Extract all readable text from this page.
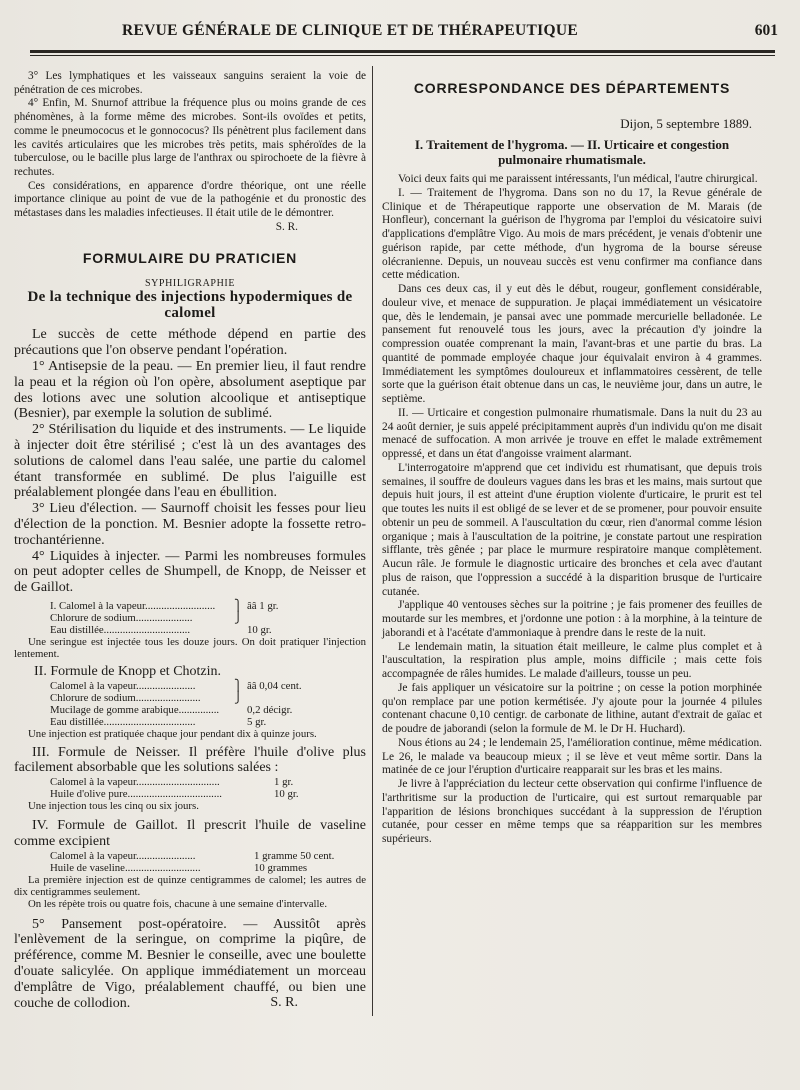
REVUE GÉNÉRALE DE CLINIQUE ET DE THÉRAPEUTIQUE	601

3° Les lymphatiques et les vaisseaux sanguins seraient la voie de pénétration de ces microbes.

4° Enfin, M. Snurnof attribue la fréquence plus ou moins grande de ces phénomènes, à la forme même des microbes. Sont-ils ovoïdes et petits, comme le pneumococus et le gonnococus? Ils pénètrent plus facilement dans les cavités articulaires que les microbes très petits, mais sphéroïdes de la tuberculose, ou le bacille plus large de l'anthrax ou spirochoete de la fièvre à rechutes.

Ces considérations, en apparence d'ordre théorique, ont une réelle importance clinique au point de vue de la pathogénie et du pronostic des métastases dans les maladies infectieuses. Il était utile de le démontrer.

S. R.

FORMULAIRE DU PRATICIEN

SYPHILIGRAPHIE

De la technique des injections hypodermiques de calomel

Le succès de cette méthode dépend en partie des précautions que l'on observe pendant l'opération.

1° Antisepsie de la peau. — En premier lieu, il faut rendre la peau et la région où l'on opère, absolument aseptique par des lotions avec une solution alcoolique et antiseptique (Besnier), par exemple la solution de sublimé.

2° Stérilisation du liquide et des instruments. — Le liquide à injecter doit être stérilisé ; c'est là un des avantages des solutions de calomel dans l'eau salée, une partie du calomel étant transformée en sublimé. De plus l'aiguille est préalablement plongée dans l'eau en ébullition.

3° Lieu d'élection. — Saurnoff choisit les fesses pour lieu d'élection de la ponction. M. Besnier adopte la fossette retro-trochantérienne.

4° Liquides à injecter. — Parmi les nombreuses formules on peut adopter celles de Shumpell, de Knopp, de Neisser et de Gaillot.

I. Calomel à la vapeur..........................	⎫ ââ 1 gr.
Chlorure de sodium.....................	⎭
Eau distillée................................	10 gr.

Une seringue est injectée tous les douze jours. On doit pratiquer l'injection lentement.

II. Formule de Knopp et Chotzin.

Calomel à la vapeur......................	⎫ ââ 0,04 cent.
Chlorure de sodium........................	⎭
Mucilage de gomme arabique...............	0,2 décigr.
Eau distillée..................................	5 gr.

Une injection est pratiquée chaque jour pendant dix à quinze jours.

III. Formule de Neisser. Il préfère l'huile d'olive plus facilement absorbable que les solutions salées :

Calomel à la vapeur...............................	1 gr.
Huile d'olive pure...................................	10 gr.

Une injection tous les cinq ou six jours.

IV. Formule de Gaillot. Il prescrit l'huile de vaseline comme excipient

Calomel à la vapeur......................	1 gramme 50 cent.
Huile de vaseline............................	10 grammes

La première injection est de quinze centigrammes de calomel; les autres de dix centigrammes seulement.

On les répète trois ou quatre fois, chacune à une semaine d'intervalle.

5° Pansement post-opératoire. — Aussitôt après l'enlèvement de la seringue, on comprime la piqûre, de préférence, comme M. Besnier le conseille, avec une boulette d'ouate salicylée. On applique immédiatement un morceau d'emplâtre de Vigo, préalablement chauffé, ou bien une couche de collodion.	S. R.

CORRESPONDANCE DES DÉPARTEMENTS

Dijon, 5 septembre 1889.

I. Traitement de l'hygroma. — II. Urticaire et congestion pulmonaire rhumatismale.

Voici deux faits qui me paraissent intéressants, l'un médical, l'autre chirurgical.

I. — Traitement de l'hygroma. Dans son no du 17, la Revue générale de Clinique et de Thérapeutique rapporte une observation de M. Marais (de Honfleur), concernant la guérison de l'hygroma par l'emploi du vésicatoire suivi d'applications d'emplâtre Vigo. Au mois de mars précédent, je venais d'obtenir une guérison rapide, par cette méthode, d'un hygroma de la bourse séreuse olécranienne. Depuis, un nouveau succès est venu confirmer ma confiance dans cette médication.

Dans ces deux cas, il y eut dès le début, rougeur, gonflement considérable, douleur vive, et menace de suppuration. Je plaçai immédiatement un vésicatoire que, dès le lendemain, je pansai avec une pommade mercurielle belladonée. Le pansement fut renouvelé tous les jours, avec la précaution d'y joindre la compression ouatée comprenant la main, l'avant-bras et une partie du bras. La quantité de pommade employée chaque jour équivalait environ à 4 grammes. Immédiatement les symptômes douloureux et inflammatoires cessèrent, de telle sorte que la guérison était obtenue dans un cas, le neuvième jour, dans un autre, le septième.

II. — Urticaire et congestion pulmonaire rhumatismale. Dans la nuit du 23 au 24 août dernier, je suis appelé précipitamment auprès d'un individu qu'on me disait menacé de suffocation. A mon arrivée je trouve en effet le malade extrêmement oppressé, et dans un état d'angoisse vraiment alarmant.

L'interrogatoire m'apprend que cet individu est rhumatisant, que depuis trois semaines, il souffre de douleurs vagues dans les bras et les mains, mais surtout que depuis huit jours, il est atteint d'une éruption violente d'urticaire, le prurit est tel que toutes les nuits il est obligé de se lever et de se promener, pour pouvoir ensuite obtenir un peu de sommeil. A l'auscultation du cœur, rien d'anormal comme lésion organique ; mais à l'auscultation de la poitrine, je constate partout une respiration sifflante, très gênée ; par place le murmure respiratoire manque complètement. Aucun râle. Je formule le diagnostic urticaire des bronches et cela avec d'autant plus de raison, que l'oppression a succédé à la disparition brusque de l'urticaire cutanée.

J'applique 40 ventouses sèches sur la poitrine ; je fais promener des feuilles de moutarde sur les membres, et j'ordonne une potion : à la morphine, à la teinture de jaborandi et à l'acétate d'ammoniaque à prendre dans le reste de la nuit.

Le lendemain matin, la situation était meilleure, le calme plus complet et à l'auscultation, la respiration plus ample, moins difficile ; mais cette fois accompagnée de râles humides. Le malade d'ailleurs, tousse un peu.

Je fais appliquer un vésicatoire sur la poitrine ; on cesse la potion morphinée qu'on remplace par une potion kermétisée. J'y ajoute pour la journée 4 pilules contenant chacune 0,10 centigr. de carbonate de lithine, autant d'extrait de gaïac et de poudre de jaborandi (selon la formule de M. le Dr H. Huchard).

Nous étions au 24 ; le lendemain 25, l'amélioration continue, même médication. Le 26, le malade va beaucoup mieux ; il se lève et veut même sortir. Dans la matinée de ce jour l'éruption d'urticaire reapparait sur les bras et les mains.

Je livre à l'appréciation du lecteur cette observation qui confirme l'influence de l'arthritisme sur la production de l'urticaire, qui est surtout remarquable par l'apparition de lésions bronchiques succédant à la suppression de l'éruption cutanée, pour cesser en même temps que sa réapparition sur les membres supérieurs.
